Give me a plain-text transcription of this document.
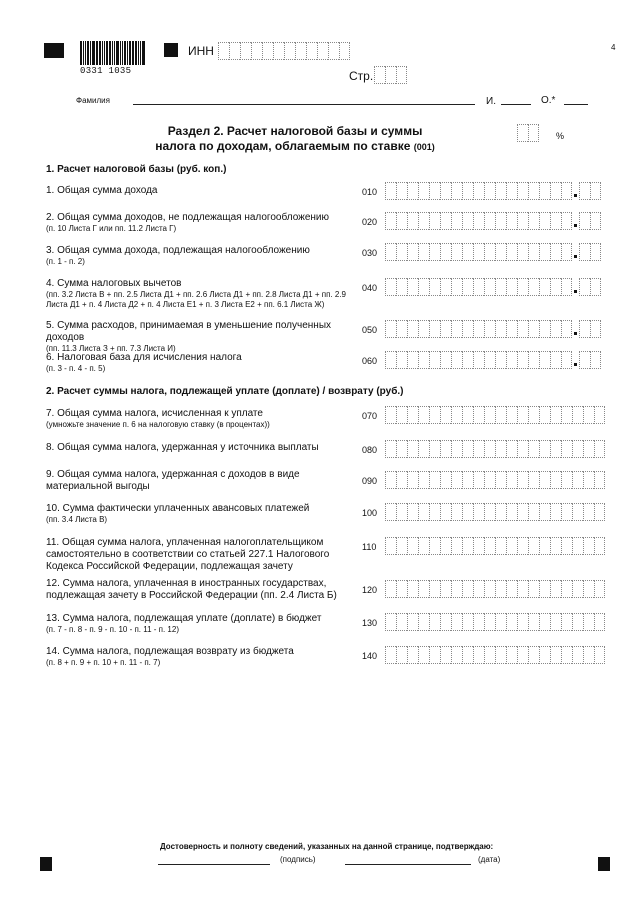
0331 1035
4
ИНН
Стр.
Фамилия	И.	О.*
Раздел 2. Расчет налоговой базы и суммы
налога по доходам, облагаемым по ставке (001)
%
1. Расчет налоговой базы (руб. коп.)
2. Расчет суммы налога, подлежащей уплате (доплате) / возврату (руб.)
1. Общая сумма дохода	010
2. Общая сумма доходов, не подлежащая налогообложению
(п. 10 Листа Г или пп. 11.2 Листа Г)
020
3. Общая сумма дохода, подлежащая налогообложению
(п. 1 - п. 2)
030
4. Сумма налоговых вычетов
(пп. 3.2 Листа В + пп. 2.5 Листа Д1 + пп. 2.6 Листа Д1 + пп. 2.8 Листа Д1 + пп. 2.9 Листа Д1 + п. 4 Листа Д2 + п. 4 Листа Е1 + п. 3 Листа Е2 + пп. 6.1 Листа Ж)
040
5. Сумма расходов, принимаемая в уменьшение полученных доходов
(пп. 11.3 Листа З + пп. 7.3 Листа И)
050
6. Налоговая база для исчисления налога
(п. 3 - п. 4 - п. 5)
060
7. Общая сумма налога, исчисленная к уплате
(умножьте значение п. 6 на налоговую ставку (в процентах))
070
8. Общая сумма налога, удержанная у источника выплаты	080
9. Общая сумма налога, удержанная с доходов в виде материальной выгоды	090
10. Сумма фактически уплаченных авансовых платежей
(пп. 3.4 Листа В)
100
11. Общая сумма налога, уплаченная налогоплательщиком самостоятельно в соответствии со статьей 227.1 Налогового Кодекса Российской Федерации, подлежащая зачету
110
12. Сумма налога, уплаченная в иностранных государствах, подлежащая зачету в Российской Федерации (пп. 2.4 Листа Б)	120
13. Сумма налога, подлежащая уплате (доплате) в бюджет
(п. 7 - п. 8 - п. 9 - п. 10 - п. 11 - п. 12)
130
14. Сумма налога, подлежащая возврату из бюджета
(п. 8 + п. 9 + п. 10 + п. 11 - п. 7)
140
Достоверность и полноту сведений, указанных на данной странице, подтверждаю:
(подпись)	(дата)
